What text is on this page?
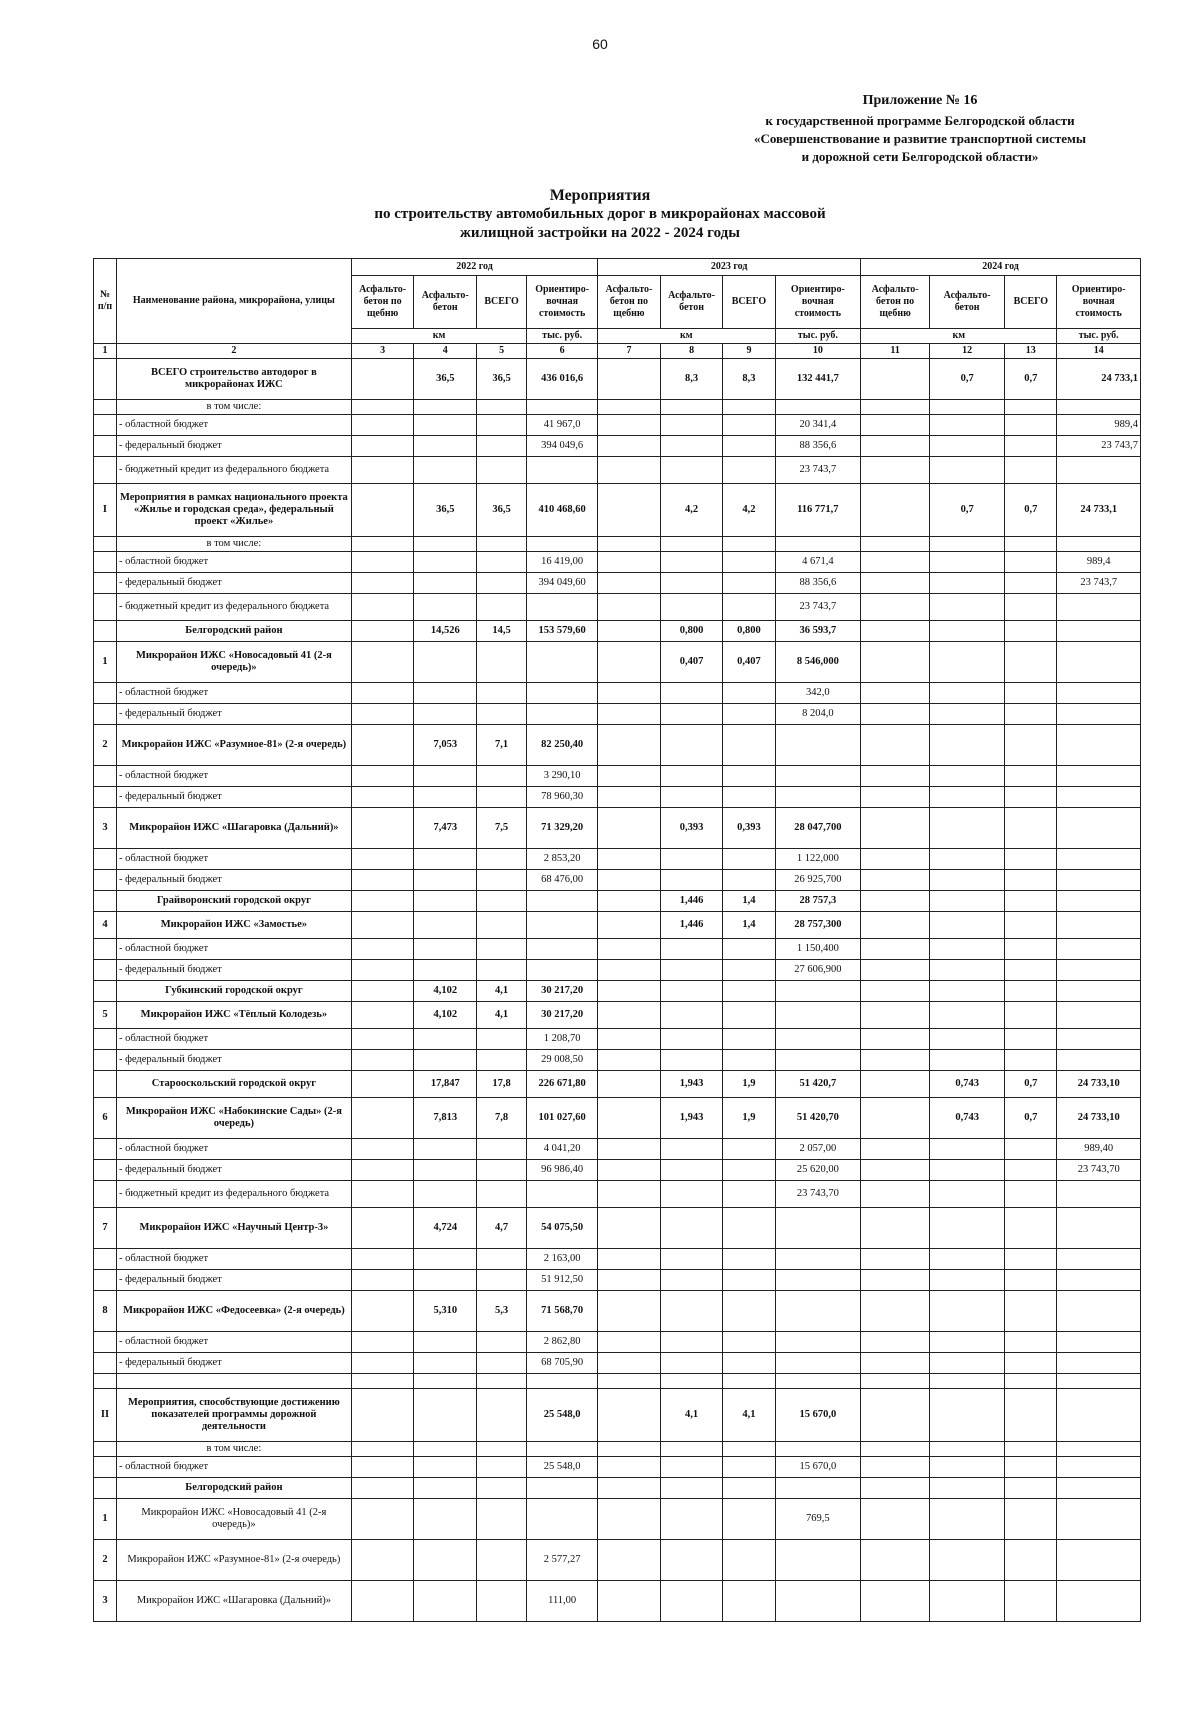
60
Приложение № 16
к государственной программе Белгородской области
«Совершенствование и развитие транспортной системы
и дорожной сети Белгородской области»
Мероприятия
по строительству автомобильных дорог в микрорайонах массовой
жилищной застройки на 2022 - 2024 годы
№ п/п	Наименование района, микрорайона, улицы	2022 год				2023 год				2024 год			
		Асфальто-бетон по щебню	Асфальто-бетон	ВСЕГО	Ориентиро-вочная стоимость	Асфальто-бетон по щебню	Асфальто-бетон	ВСЕГО	Ориентиро-вочная стоимость	Асфальто-бетон по щебню	Асфальто-бетон	ВСЕГО	Ориентиро-вочная стоимость
		км			тыс. руб.	км			тыс. руб.	км			тыс. руб.
1	2	3	4	5	6	7	8	9	10	11	12	13	14
	ВСЕГО строительство автодорог в микрорайонах ИЖС		36,5	36,5	436 016,6		8,3	8,3	132 441,7		0,7	0,7	24 733,1
	в том числе:												
	- областной бюджет				41 967,0				20 341,4				989,4
	- федеральный бюджет				394 049,6				88 356,6				23 743,7
	- бюджетный кредит из федерального бюджета								23 743,7				
I	Мероприятия в рамках национального проекта «Жилье и городская среда», федеральный проект «Жилье»		36,5	36,5	410 468,60		4,2	4,2	116 771,7		0,7	0,7	24 733,1
	в том числе:												
	- областной бюджет				16 419,00				4 671,4				989,4
	- федеральный бюджет				394 049,60				88 356,6				23 743,7
	- бюджетный кредит из федерального бюджета								23 743,7				
	Белгородский район		14,526	14,5	153 579,60		0,800	0,800	36 593,7				
1	Микрорайон ИЖС «Новосадовый 41 (2-я очередь)»						0,407	0,407	8 546,000				
	- областной бюджет								342,0				
	- федеральный бюджет								8 204,0				
2	Микрорайон ИЖС «Разумное-81» (2-я очередь)		7,053	7,1	82 250,40								
	- областной бюджет				3 290,10								
	- федеральный бюджет				78 960,30								
3	Микрорайон ИЖС «Шагаровка (Дальний)»		7,473	7,5	71 329,20		0,393	0,393	28 047,700				
	- областной бюджет				2 853,20				1 122,000				
	- федеральный бюджет				68 476,00				26 925,700				
	Грайворонский городской округ						1,446	1,4	28 757,3				
4	Микрорайон ИЖС «Замостье»						1,446	1,4	28 757,300				
	- областной бюджет								1 150,400				
	- федеральный бюджет								27 606,900				
	Губкинский городской округ		4,102	4,1	30 217,20								
5	Микрорайон ИЖС «Тёплый Колодезь»		4,102	4,1	30 217,20								
	- областной бюджет				1 208,70								
	- федеральный бюджет				29 008,50								
	Старооскольский городской округ		17,847	17,8	226 671,80		1,943	1,9	51 420,7		0,743	0,7	24 733,10
6	Микрорайон ИЖС «Набокинские Сады» (2-я очередь)		7,813	7,8	101 027,60		1,943	1,9	51 420,70		0,743	0,7	24 733,10
	- областной бюджет				4 041,20				2 057,00				989,40
	- федеральный бюджет				96 986,40				25 620,00				23 743,70
	- бюджетный кредит из федерального бюджета								23 743,70				
7	Микрорайон ИЖС «Научный Центр-3»		4,724	4,7	54 075,50								
	- областной бюджет				2 163,00								
	- федеральный бюджет				51 912,50								
8	Микрорайон ИЖС «Федосеевка» (2-я очередь)		5,310	5,3	71 568,70								
	- областной бюджет				2 862,80								
	- федеральный бюджет				68 705,90								

II	Мероприятия, способствующие достижению показателей программы дорожной деятельности				25 548,0		4,1	4,1	15 670,0				
	в том числе:												
	- областной бюджет				25 548,0				15 670,0				
	Белгородский район												
1	Микрорайон ИЖС «Новосадовый 41 (2-я очередь)»								769,5				
2	Микрорайон ИЖС «Разумное-81» (2-я очередь)				2 577,27								
3	Микрорайон ИЖС «Шагаровка (Дальний)»				111,00								
